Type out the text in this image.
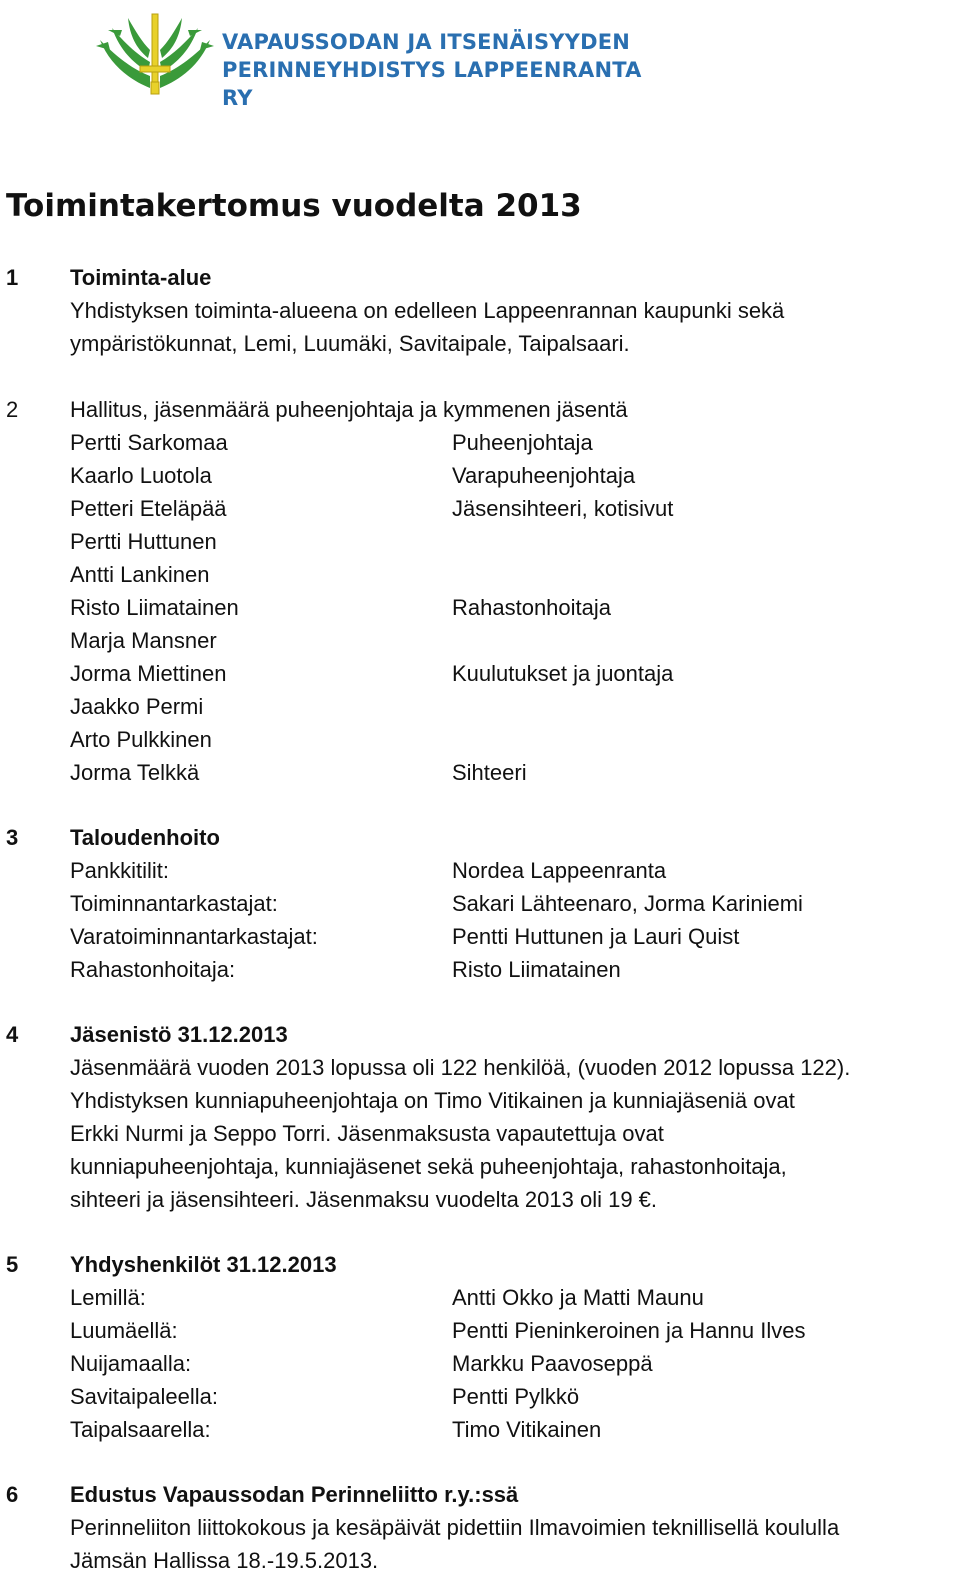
VAPAUSSODAN JA ITSENÄISYYDEN
PERINNEYHDISTYS LAPPEENRANTA RY
Toimintakertomus vuodelta 2013
1 Toiminta-alue
Yhdistyksen toiminta-alueena on edelleen Lappeenrannan kaupunki sekä
ympäristökunnat, Lemi, Luumäki, Savitaipale, Taipalsaari.
2 Hallitus, jäsenmäärä puheenjohtaja ja kymmenen jäsentä
Pertti Sarkomaa	Puheenjohtaja
Kaarlo Luotola	Varapuheenjohtaja
Petteri Eteläpää	Jäsensihteeri, kotisivut
Pertti Huttunen
Antti Lankinen
Risto Liimatainen	Rahastonhoitaja
Marja Mansner
Jorma Miettinen	Kuulutukset ja juontaja
Jaakko Permi
Arto Pulkkinen
Jorma Telkkä	Sihteeri
3 Taloudenhoito
Pankkitilit:	Nordea Lappeenranta
Toiminnantarkastajat:	Sakari Lähteenaro, Jorma Kariniemi
Varatoiminnantarkastajat:	Pentti Huttunen ja Lauri Quist
Rahastonhoitaja:	Risto Liimatainen
4 Jäsenistö 31.12.2013
Jäsenmäärä vuoden 2013 lopussa oli 122 henkilöä, (vuoden 2012 lopussa 122).
Yhdistyksen kunniapuheenjohtaja on Timo Vitikainen ja kunniajäseniä ovat
Erkki Nurmi ja Seppo Torri. Jäsenmaksusta vapautettuja ovat
kunniapuheenjohtaja, kunniajäsenet sekä puheenjohtaja, rahastonhoitaja,
sihteeri ja jäsensihteeri. Jäsenmaksu vuodelta 2013 oli 19 €.
5 Yhdyshenkilöt 31.12.2013
Lemillä:	Antti Okko ja Matti Maunu
Luumäellä:	Pentti Pieninkeroinen ja Hannu Ilves
Nuijamaalla:	Markku Paavoseppä
Savitaipaleella:	Pentti Pylkkö
Taipalsaarella:	Timo Vitikainen
6 Edustus Vapaussodan Perinneliitto r.y.:ssä
Perinneliiton liittokokous ja kesäpäivät pidettiin Ilmavoimien teknillisellä koululla
Jämsän Hallissa 18.-19.5.2013.
